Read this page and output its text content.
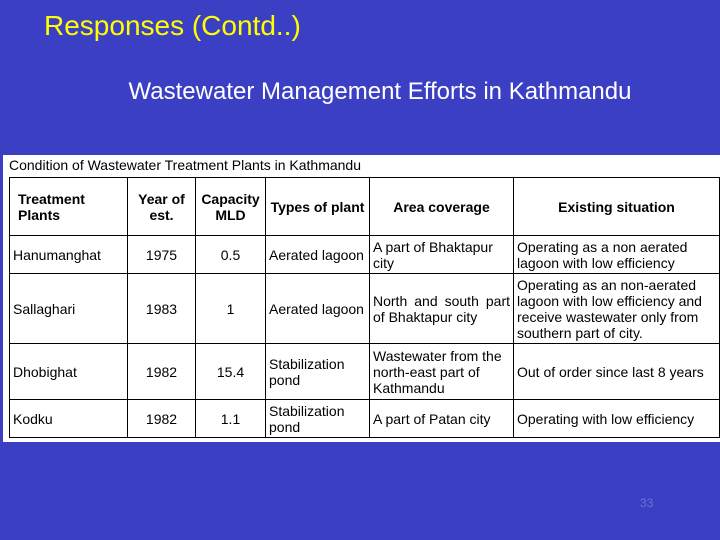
Responses (Contd..)
Wastewater Management Efforts in Kathmandu
Condition of Wastewater Treatment Plants in Kathmandu
Treatment Plants	Year of est.	Capacity MLD	Types of plant	Area coverage	Existing situation
Hanumanghat	1975	0.5	Aerated lagoon	A part of Bhaktapur city	Operating as a non aerated lagoon with low efficiency
Sallaghari	1983	1	Aerated lagoon	North and south part of Bhaktapur city	Operating as an non-aerated lagoon with low efficiency and receive wastewater only from southern part of city.
Dhobighat	1982	15.4	Stabilization pond	Wastewater from the north-east part of Kathmandu	Out of order since last 8 years
Kodku	1982	1.1	Stabilization pond	A part of Patan city	Operating with low efficiency
33
